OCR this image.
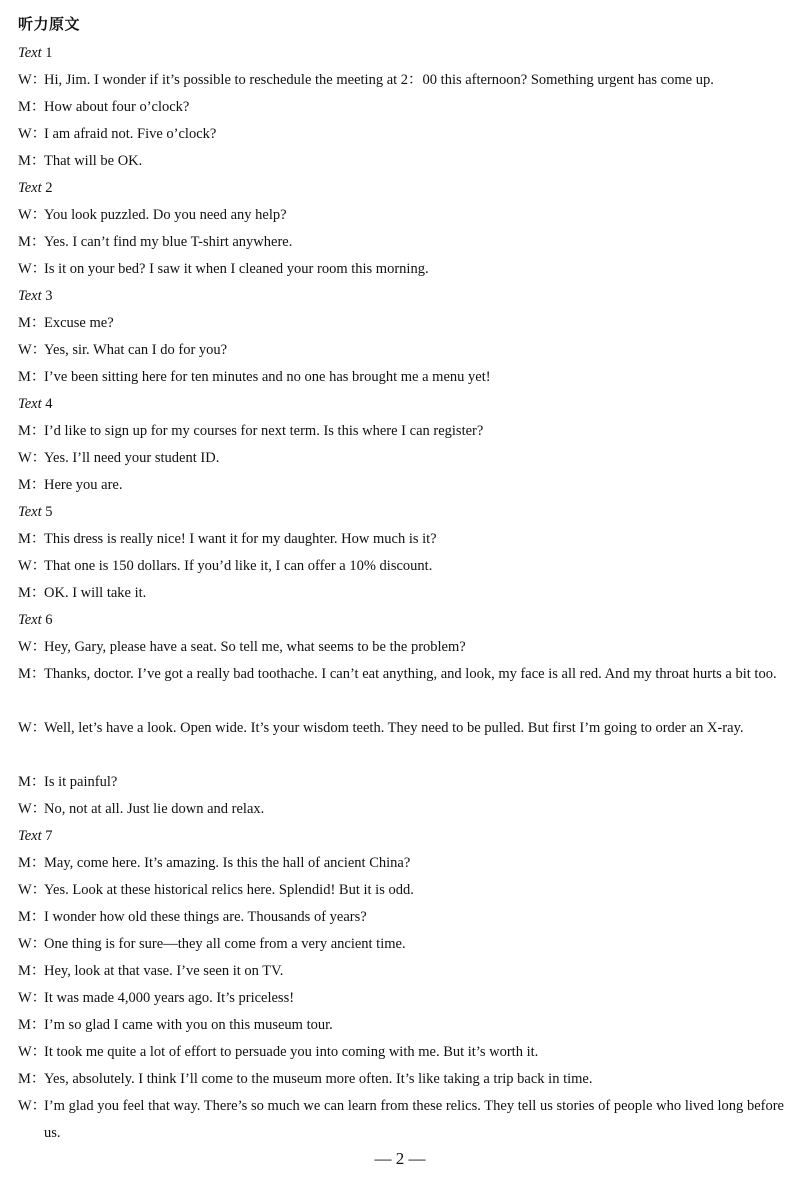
听力原文
Text 1
W：Hi, Jim. I wonder if it’s possible to reschedule the meeting at 2：00 this afternoon? Something urgent has come up.
M：How about four o’clock?
W：I am afraid not. Five o’clock?
M：That will be OK.
Text 2
W：You look puzzled. Do you need any help?
M：Yes. I can’t find my blue T-shirt anywhere.
W：Is it on your bed? I saw it when I cleaned your room this morning.
Text 3
M：Excuse me?
W：Yes, sir. What can I do for you?
M：I’ve been sitting here for ten minutes and no one has brought me a menu yet!
Text 4
M：I’d like to sign up for my courses for next term. Is this where I can register?
W：Yes. I’ll need your student ID.
M：Here you are.
Text 5
M：This dress is really nice! I want it for my daughter. How much is it?
W：That one is 150 dollars. If you’d like it, I can offer a 10% discount.
M：OK. I will take it.
Text 6
W：Hey, Gary, please have a seat. So tell me, what seems to be the problem?
M：
Thanks, doctor. I’ve got a really bad toothache. I can’t eat anything, and look, my face is all red. And my throat hurts a bit too.
W：
Well, let’s have a look. Open wide. It’s your wisdom teeth. They need to be pulled. But first I’m going to order an X-ray.
M：Is it painful?
W：No, not at all. Just lie down and relax.
Text 7
M：May, come here. It’s amazing. Is this the hall of ancient China?
W：Yes. Look at these historical relics here. Splendid! But it is odd.
M：I wonder how old these things are. Thousands of years?
W：One thing is for sure—they all come from a very ancient time.
M：Hey, look at that vase. I’ve seen it on TV.
W：It was made 4,000 years ago. It’s priceless!
M：I’m so glad I came with you on this museum tour.
W：It took me quite a lot of effort to persuade you into coming with me. But it’s worth it.
M：Yes, absolutely. I think I’ll come to the museum more often. It’s like taking a trip back in time.
W：
I’m glad you feel that way. There’s so much we can learn from these relics. They tell us stories of people who lived long before us.
— 2 —
